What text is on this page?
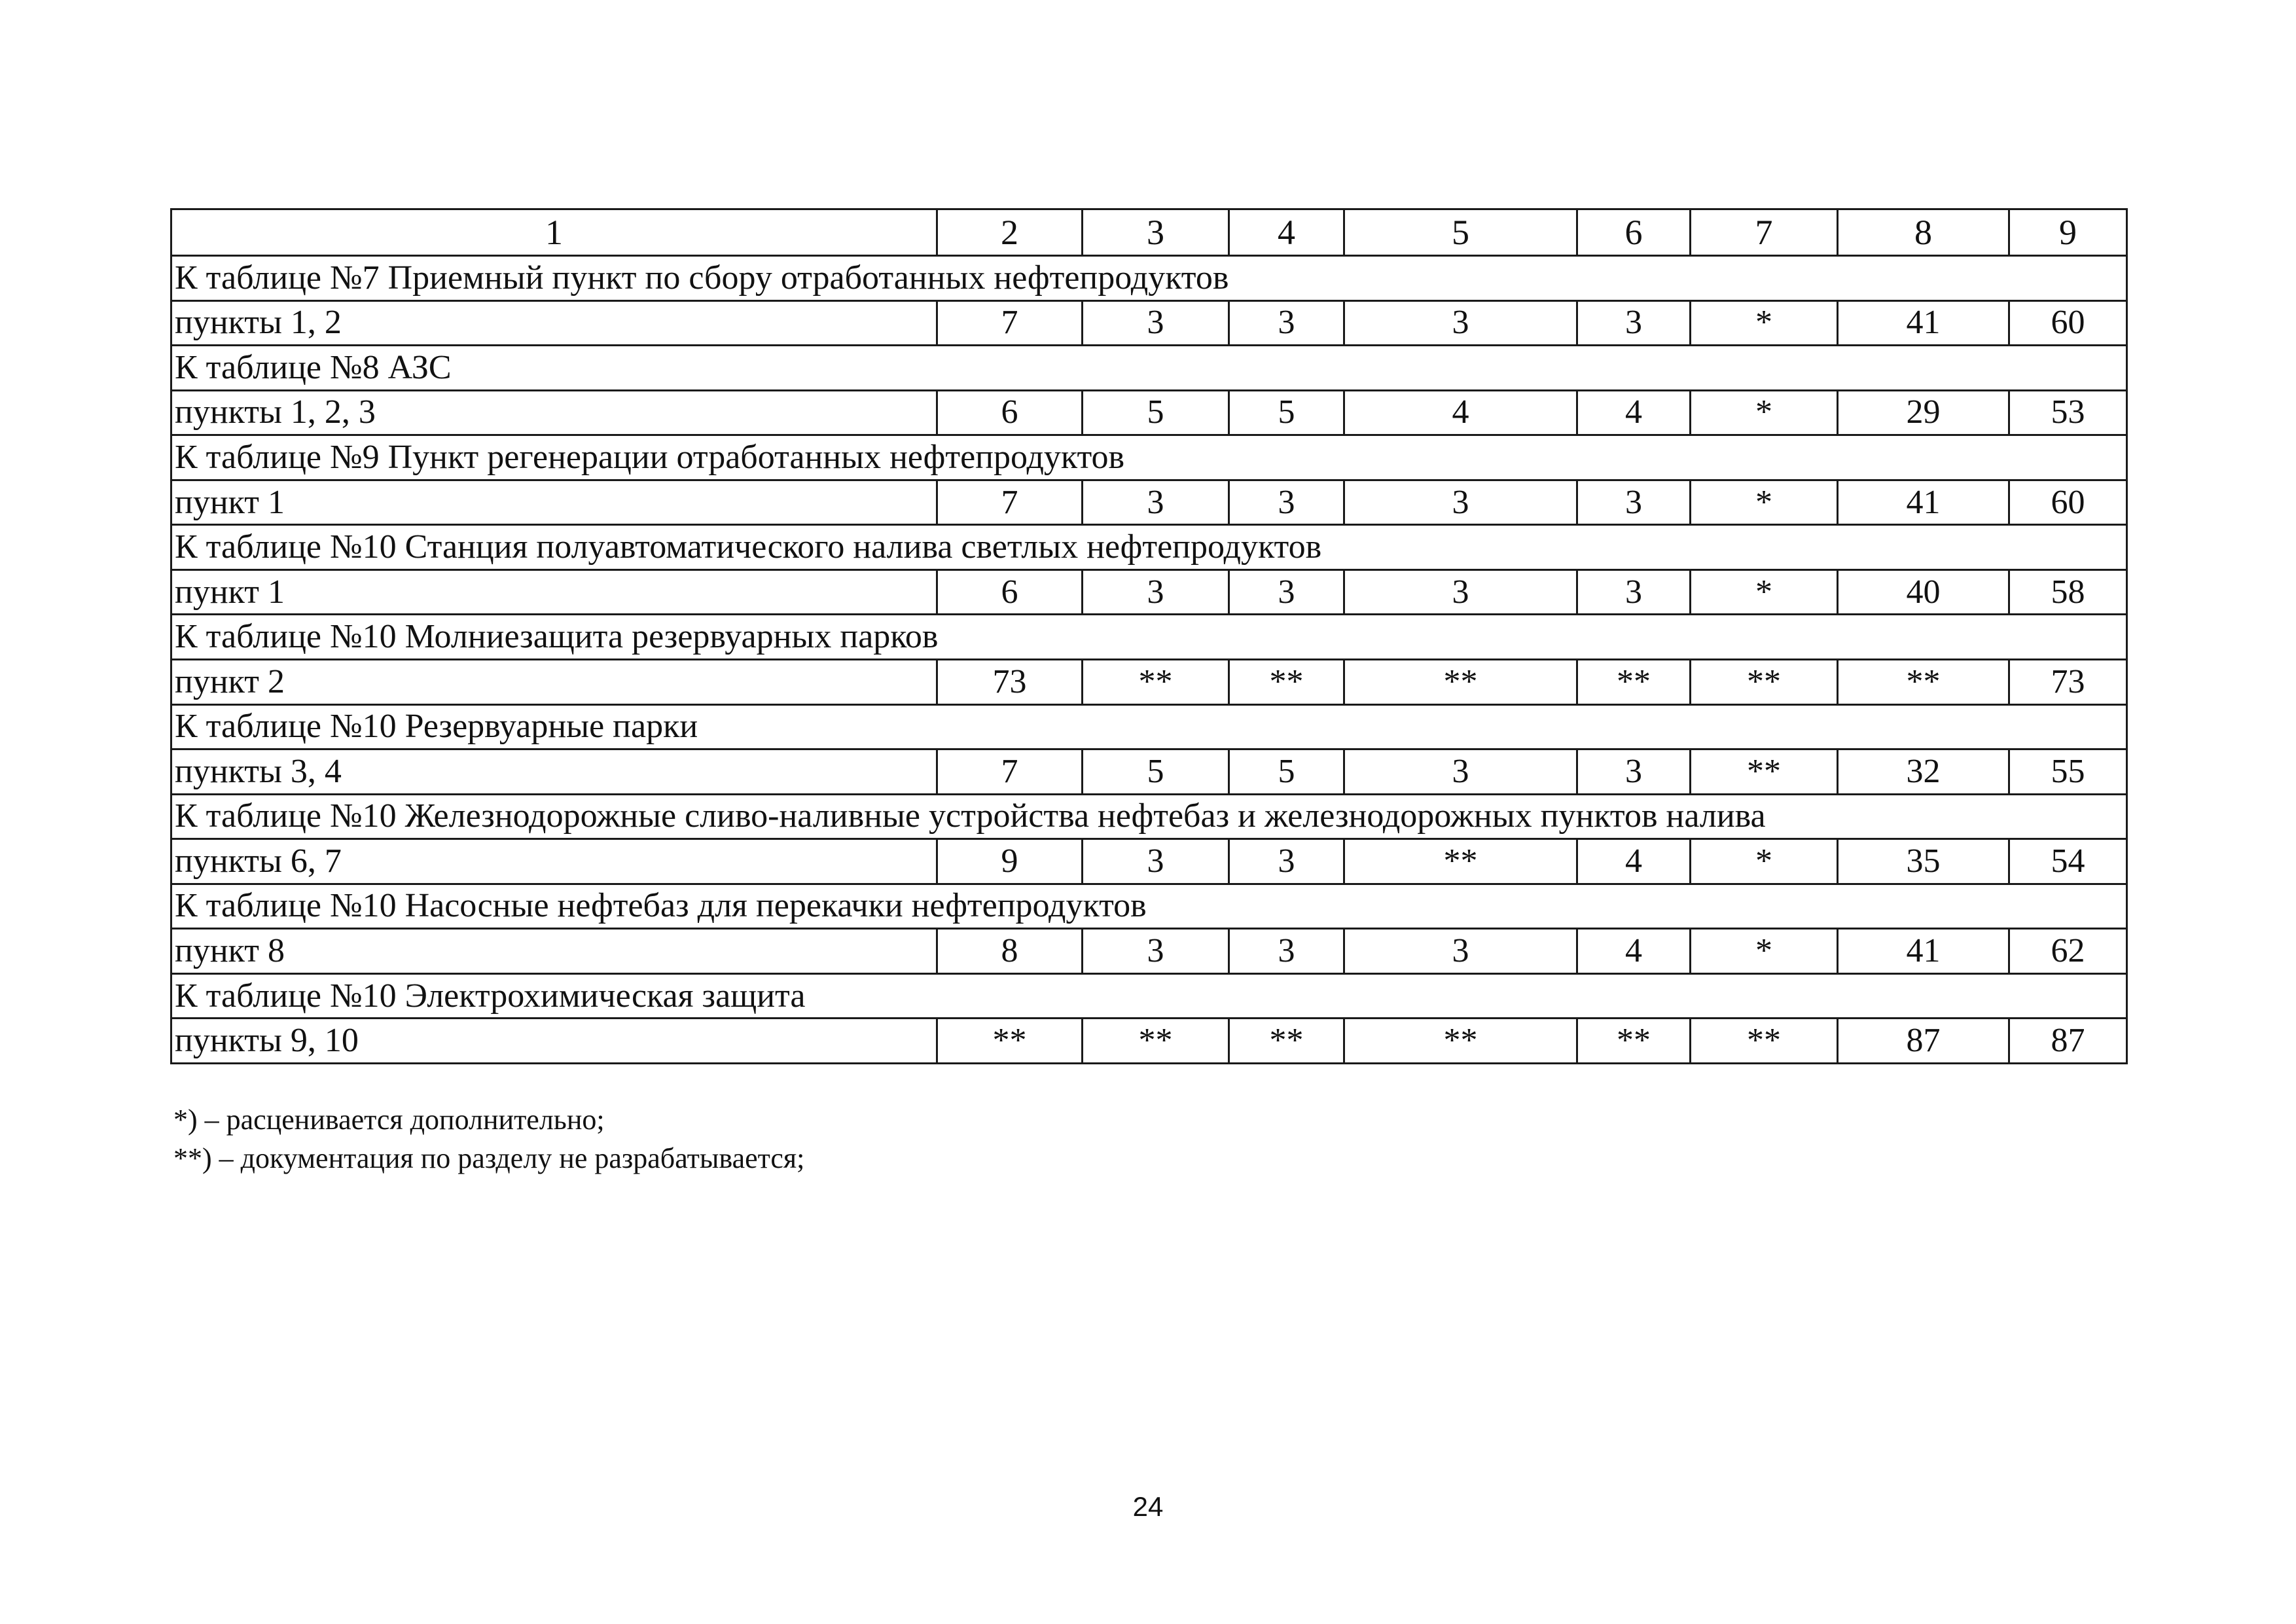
1	2	3	4	5	6	7	8	9
К таблице №7 Приемный пункт по сбору отработанных нефтепродуктов								
пункты 1, 2	7	3	3	3	3	*	41	60
К таблице №8 АЗС								
пункты 1, 2, 3	6	5	5	4	4	*	29	53
К таблице №9 Пункт регенерации отработанных нефтепродуктов								
пункт 1	7	3	3	3	3	*	41	60
К таблице №10 Станция полуавтоматического налива светлых нефтепродуктов								
пункт 1	6	3	3	3	3	*	40	58
К таблице №10 Молниезащита резервуарных парков								
пункт 2	73	**	**	**	**	**	**	73
К таблице №10 Резервуарные парки								
пункты 3, 4	7	5	5	3	3	**	32	55
К таблице №10 Железнодорожные сливо-наливные устройства нефтебаз и железнодорожных пунктов налива								
пункты 6, 7	9	3	3	**	4	*	35	54
К таблице №10 Насосные нефтебаз для перекачки нефтепродуктов								
пункт 8	8	3	3	3	4	*	41	62
К таблице №10 Электрохимическая защита								
пункты 9, 10	**	**	**	**	**	**	87	87
*) – расценивается дополнительно;
**) – документация по разделу не разрабатывается;
24
